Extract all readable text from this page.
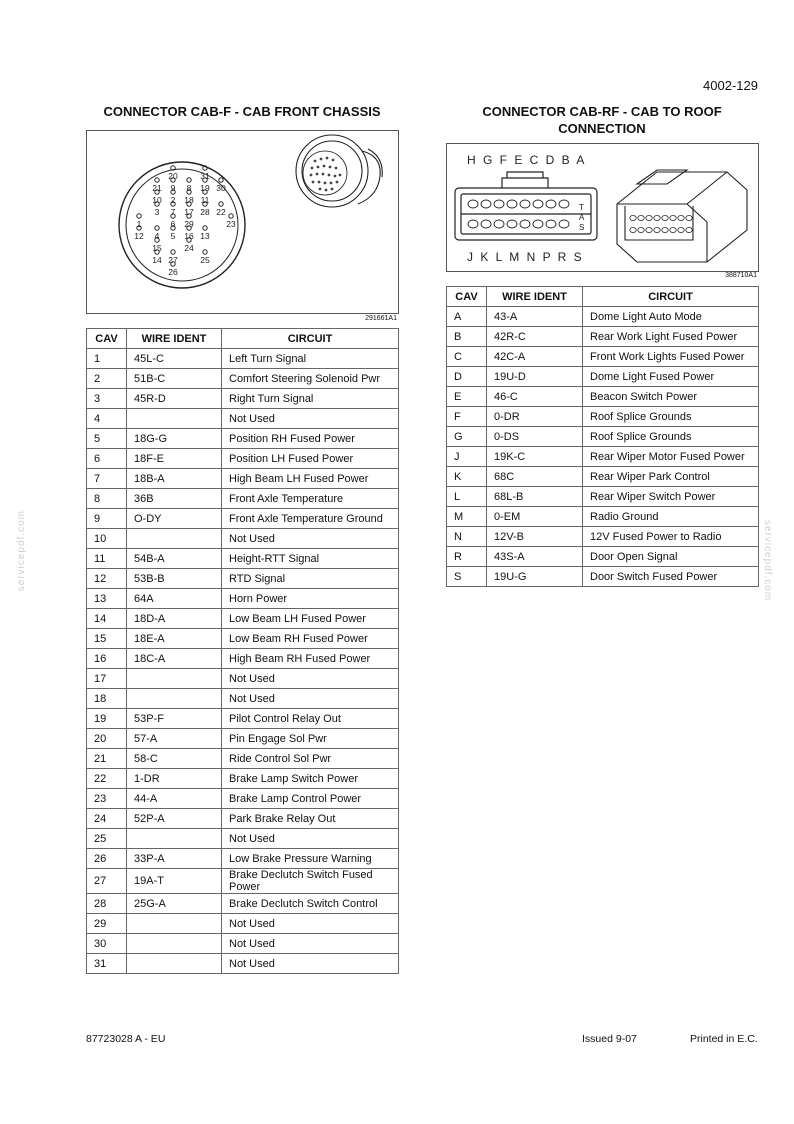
4002-129
CONNECTOR CAB-F - CAB FRONT CHASSIS
20	31
21 9 8 19 30
10 2 18 11
3 7 17 28 22
1	6 29	23
12 4 5 16 13
15	24
14 27	25
26
291661A1
CAV	WIRE IDENT	CIRCUIT
1	45L-C	Left Turn Signal
2	51B-C	Comfort Steering Solenoid Pwr
3	45R-D	Right Turn Signal
4		Not Used
5	18G-G	Position RH Fused Power
6	18F-E	Position LH Fused Power
7	18B-A	High Beam LH Fused Power
8	36B	Front Axle Temperature
9	O-DY	Front Axle Temperature Ground
10		Not Used
11	54B-A	Height-RTT Signal
12	53B-B	RTD Signal
13	64A	Horn Power
14	18D-A	Low Beam LH Fused Power
15	18E-A	Low Beam RH Fused Power
16	18C-A	High Beam RH Fused Power
17		Not Used
18		Not Used
19	53P-F	Pilot Control Relay Out
20	57-A	Pin Engage Sol Pwr
21	58-C	Ride Control Sol Pwr
22	1-DR	Brake Lamp Switch Power
23	44-A	Brake Lamp Control Power
24	52P-A	Park Brake Relay Out
25		Not Used
26	33P-A	Low Brake Pressure Warning
27	19A-T	Brake Declutch Switch Fused Power
28	25G-A	Brake Declutch Switch Control
29		Not Used
30		Not Used
31		Not Used
CONNECTOR CAB-RF - CAB TO ROOF
CONNECTION
H G F E C D B A
J K L M N P R S
T
A
S
388710A1
CAV	WIRE IDENT	CIRCUIT
A	43-A	Dome Light Auto Mode
B	42R-C	Rear Work Light Fused Power
C	42C-A	Front Work Lights Fused Power
D	19U-D	Dome Light Fused Power
E	46-C	Beacon Switch Power
F	0-DR	Roof Splice Grounds
G	0-DS	Roof Splice Grounds
J	19K-C	Rear Wiper Motor Fused Power
K	68C	Rear Wiper Park Control
L	68L-B	Rear Wiper Switch Power
M	0-EM	Radio Ground
N	12V-B	12V Fused Power to Radio
R	43S-A	Door Open Signal
S	19U-G	Door Switch Fused Power
servicepdf.com	servicepdf.com
87723028 A - EU	Issued 9-07	Printed in E.C.
